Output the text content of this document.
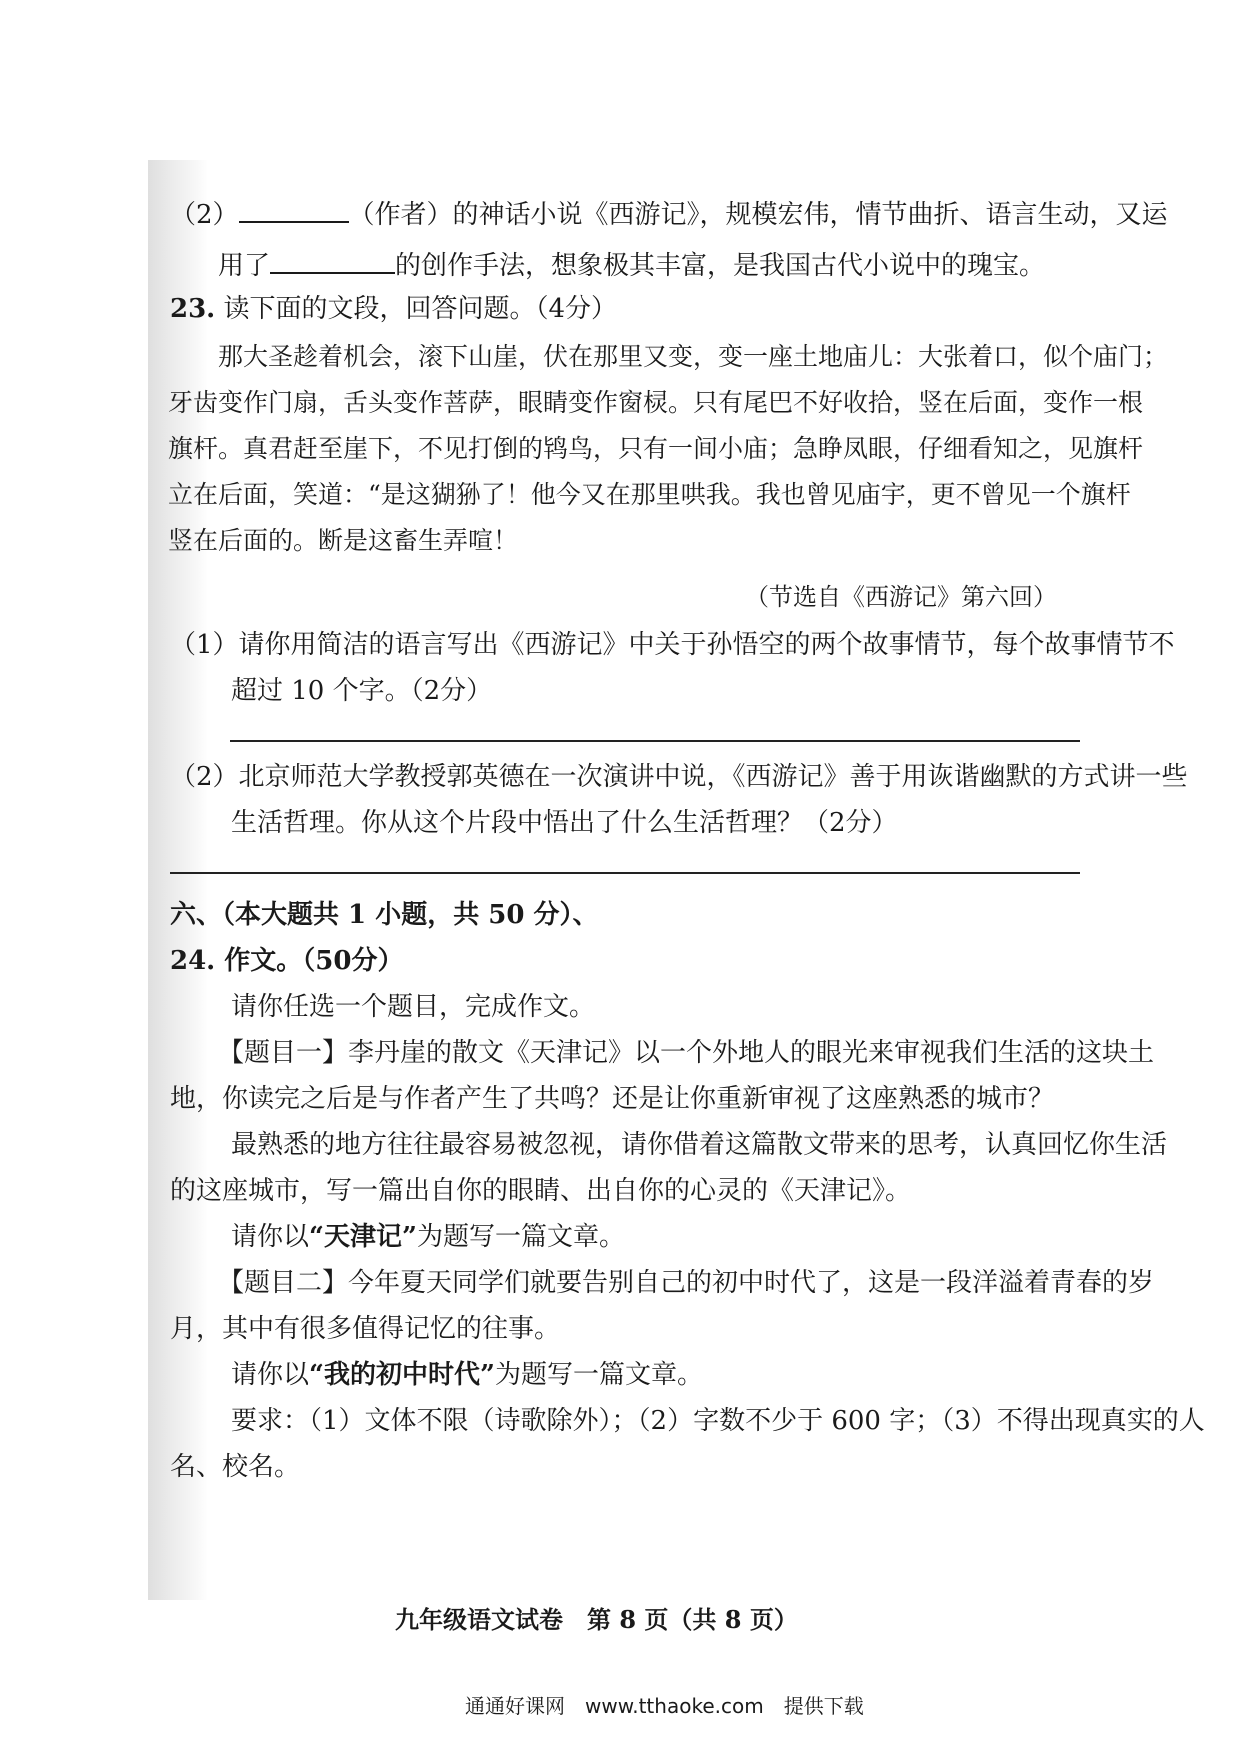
（2）	（作者）的神话小说《西游记》，规模宏伟，情节曲折、语言生动，又运
用了	的创作手法，想象极其丰富，是我国古代小说中的瑰宝。
23. 读下面的文段，回答问题。（4分）
那大圣趁着机会，滚下山崖，伏在那里又变，变一座土地庙儿：大张着口，似个庙门；
牙齿变作门扇，舌头变作菩萨，眼睛变作窗棂。只有尾巴不好收拾，竖在后面，变作一根
旗杆。真君赶至崖下，不见打倒的鸨鸟，只有一间小庙；急睁凤眼，仔细看知之，见旗杆
立在后面，笑道：“是这猢狲了！他今又在那里哄我。我也曾见庙宇，更不曾见一个旗杆
竖在后面的。断是这畜生弄喧！
（节选自《西游记》第六回）
（1）请你用简洁的语言写出《西游记》中关于孙悟空的两个故事情节，每个故事情节不
超过 10 个字。（2分）
（2）北京师范大学教授郭英德在一次演讲中说，《西游记》善于用诙谐幽默的方式讲一些
生活哲理。你从这个片段中悟出了什么生活哲理？（2分）
六、（本大题共 1 小题，共 50 分）、
24. 作文。（50分）
请你任选一个题目，完成作文。
【题目一】李丹崖的散文《天津记》以一个外地人的眼光来审视我们生活的这块土
地，你读完之后是与作者产生了共鸣？还是让你重新审视了这座熟悉的城市？
最熟悉的地方往往最容易被忽视，请你借着这篇散文带来的思考，认真回忆你生活
的这座城市，写一篇出自你的眼睛、出自你的心灵的《天津记》。
请你以“天津记”为题写一篇文章。
【题目二】今年夏天同学们就要告别自己的初中时代了，这是一段洋溢着青春的岁
月，其中有很多值得记忆的往事。
请你以“我的初中时代”为题写一篇文章。
要求：（1）文体不限（诗歌除外）；（2）字数不少于 600 字；（3）不得出现真实的人
名、校名。
九年级语文试卷　第 8 页（共 8 页）
通通好课网　www.tthaoke.com　提供下载
